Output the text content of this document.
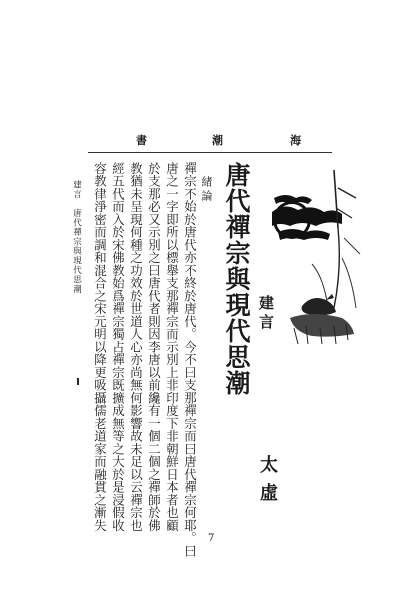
書	潮	海
唐代禪宗與現代思潮 建言
太虛
緒論
禪宗不始於唐代亦不終於唐代。今不曰支那禪宗而曰唐代禪宗何耶。曰
唐之一字即所以標舉支那禪宗而示別上非印度下非朝鮮日本者也顧
於支那必又示別之曰唐代者則因李唐以前纔有一個二個之禪師於佛
教猶未呈現何種之功效於世道人心亦尚無何影響故未足以云禪宗也
經五代而入於宋佛教始爲禪宗獨占禪宗既擴成無等之大於是浸假收
容教律淨密而調和混合之宋元明以降更吸攝儒老道家而融貫之漸失
建言　唐代禪宗與現代思潮
7
